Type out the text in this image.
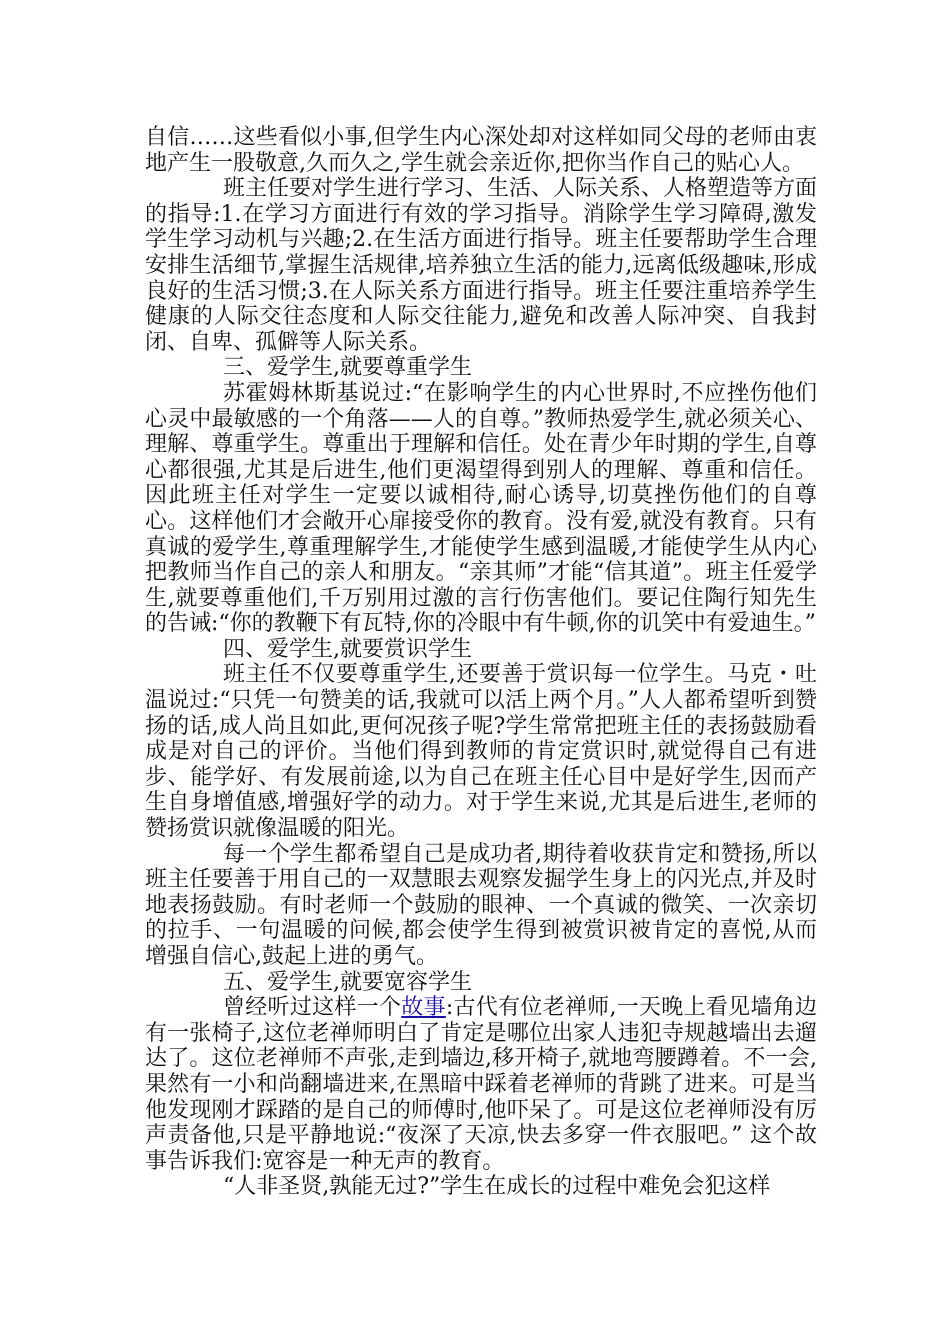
自信……这些看似小事,但学生内心深处却对这样如同父母的老师由衷地产生一股敬意,久而久之,学生就会亲近你,把你当作自己的贴心人。

班主任要对学生进行学习、生活、人际关系、人格塑造等方面的指导:1.在学习方面进行有效的学习指导。消除学生学习障碍,激发学生学习动机与兴趣;2.在生活方面进行指导。班主任要帮助学生合理安排生活细节,掌握生活规律,培养独立生活的能力,远离低级趣味,形成良好的生活习惯;3.在人际关系方面进行指导。班主任要注重培养学生健康的人际交往态度和人际交往能力,避免和改善人际冲突、自我封闭、自卑、孤僻等人际关系。

三、爱学生,就要尊重学生

苏霍姆林斯基说过:“在影响学生的内心世界时,不应挫伤他们心灵中最敏感的一个角落——人的自尊。”教师热爱学生,就必须关心、理解、尊重学生。尊重出于理解和信任。处在青少年时期的学生,自尊心都很强,尤其是后进生,他们更渴望得到别人的理解、尊重和信任。因此班主任对学生一定要以诚相待,耐心诱导,切莫挫伤他们的自尊心。这样他们才会敞开心扉接受你的教育。没有爱,就没有教育。只有真诚的爱学生,尊重理解学生,才能使学生感到温暖,才能使学生从内心把教师当作自己的亲人和朋友。“亲其师”才能“信其道”。班主任爱学生,就要尊重他们,千万别用过激的言行伤害他们。要记住陶行知先生的告诫:“你的教鞭下有瓦特,你的冷眼中有牛顿,你的讥笑中有爱迪生。”

四、爱学生,就要赏识学生

班主任不仅要尊重学生,还要善于赏识每一位学生。马克・吐温说过:“只凭一句赞美的话,我就可以活上两个月。”人人都希望听到赞扬的话,成人尚且如此,更何况孩子呢?学生常常把班主任的表扬鼓励看成是对自己的评价。当他们得到教师的肯定赏识时,就觉得自己有进步、能学好、有发展前途,以为自己在班主任心目中是好学生,因而产生自身增值感,增强好学的动力。对于学生来说,尤其是后进生,老师的赞扬赏识就像温暖的阳光。

每一个学生都希望自己是成功者,期待着收获肯定和赞扬,所以班主任要善于用自己的一双慧眼去观察发掘学生身上的闪光点,并及时地表扬鼓励。有时老师一个鼓励的眼神、一个真诚的微笑、一次亲切的拉手、一句温暖的问候,都会使学生得到被赏识被肯定的喜悦,从而增强自信心,鼓起上进的勇气。

五、爱学生,就要宽容学生

曾经听过这样一个故事:古代有位老禅师,一天晚上看见墙角边有一张椅子,这位老禅师明白了肯定是哪位出家人违犯寺规越墙出去遛达了。这位老禅师不声张,走到墙边,移开椅子,就地弯腰蹲着。不一会,果然有一小和尚翻墙进来,在黑暗中踩着老禅师的背跳了进来。可是当他发现刚才踩踏的是自己的师傅时,他吓呆了。可是这位老禅师没有厉声责备他,只是平静地说:“夜深了天凉,快去多穿一件衣服吧。” 这个故事告诉我们:宽容是一种无声的教育。

“人非圣贤,孰能无过?”学生在成长的过程中难免会犯这样
